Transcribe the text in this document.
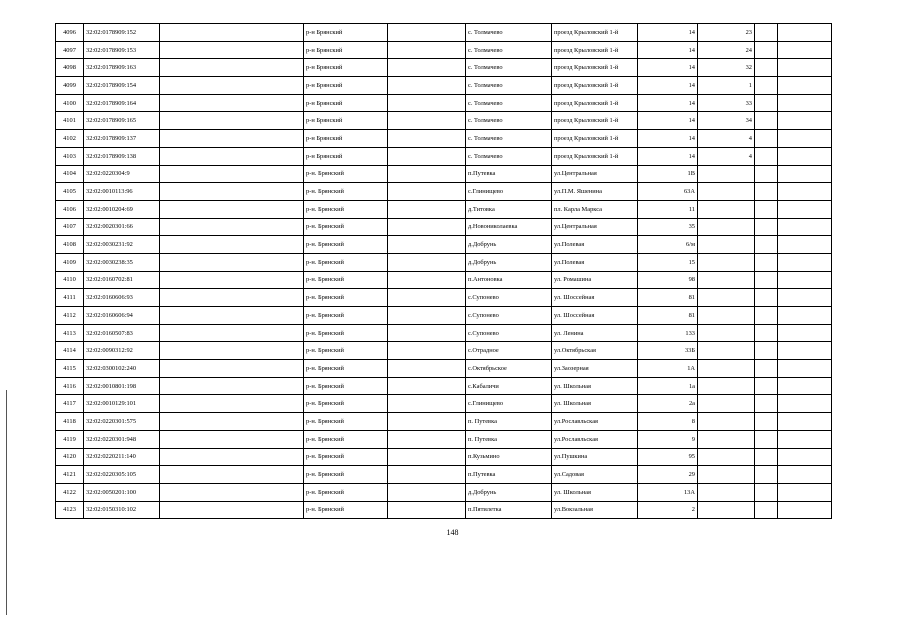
4096	32:02:0178909:152		р-н Брянский		с. Толмачево	проезд Крыловский 1-й	14	23		
4097	32:02:0178909:153		р-н Брянский		с. Толмачево	проезд Крыловский 1-й	14	24		
4098	32:02:0178909:163		р-н Брянский		с. Толмачево	проезд Крыловский 1-й	14	32		
4099	32:02:0178909:154		р-н Брянский		с. Толмачево	проезд Крыловский 1-й	14	1		
4100	32:02:0178909:164		р-н Брянский		с. Толмачево	проезд Крыловский 1-й	14	33		
4101	32:02:0178909:165		р-н Брянский		с. Толмачево	проезд Крыловский 1-й	14	34		
4102	32:02:0178909:137		р-н Брянский		с. Толмачево	проезд Крыловский 1-й	14	4		
4103	32:02:0178909:138		р-н Брянский		с. Толмачево	проезд Крыловский 1-й	14	4		
4104	32:02:0220304:9		р-н. Брянский		п.Путевка	ул.Центральная	1В			
4105	32:02:0010113:96		р-н. Брянский		с.Глинищево	ул.П.М. Яшенина	63А			
4106	32:02:0010204:69		р-н. Брянский		д.Титовка	пл. Карла Маркса	11			
4107	32:02:0020301:66		р-н. Брянский		д.Новониколаевка	ул.Центральная	35			
4108	32:02:0030231:92		р-н. Брянский		д.Добрунь	ул.Полевая	6/м			
4109	32:02:0030238:35		р-н. Брянский		д.Добрунь	ул.Полевая	15			
4110	32:02:0160702:81		р-н. Брянский		п.Антоновка	ул. Ромашина	98			
4111	32:02:0160606:93		р-н. Брянский		с.Супонево	ул. Шоссейная	81			
4112	32:02:0160606:94		р-н. Брянский		с.Супонево	ул. Шоссейная	81			
4113	32:02:0160507:83		р-н. Брянский		с.Супонево	ул. Ленина	133			
4114	32:02:0090312:92		р-н. Брянский		с.Отрадное	ул.Октябрьская	33Б			
4115	32:02:0300102:240		р-н. Брянский		с.Октябрьское	ул.Заозерная	1А			
4116	32:02:0010801:198		р-н. Брянский		с.Кабаличи	ул. Школьная	1а			
4117	32:02:0010129:101		р-н. Брянский		с.Глинищево	ул. Школьная	2а			
4118	32:02:0220301:575		р-н. Брянский		п. Путевка	ул.Рославльская	8			
4119	32:02:0220301:948		р-н. Брянский		п. Путевка	ул.Рославльская	9			
4120	32:02:0220211:140		р-н. Брянский		п.Кузьмино	ул.Пушкина	95			
4121	32:02:0220305:105		р-н. Брянский		п.Путевка	ул.Садовая	29			
4122	32:02:0050201:100		р-н. Брянский		д.Добрунь	ул. Школьная	13А			
4123	32:02:0150310:102		р-н. Брянский		п.Пятилетка	ул.Вокзальная	2			
148
